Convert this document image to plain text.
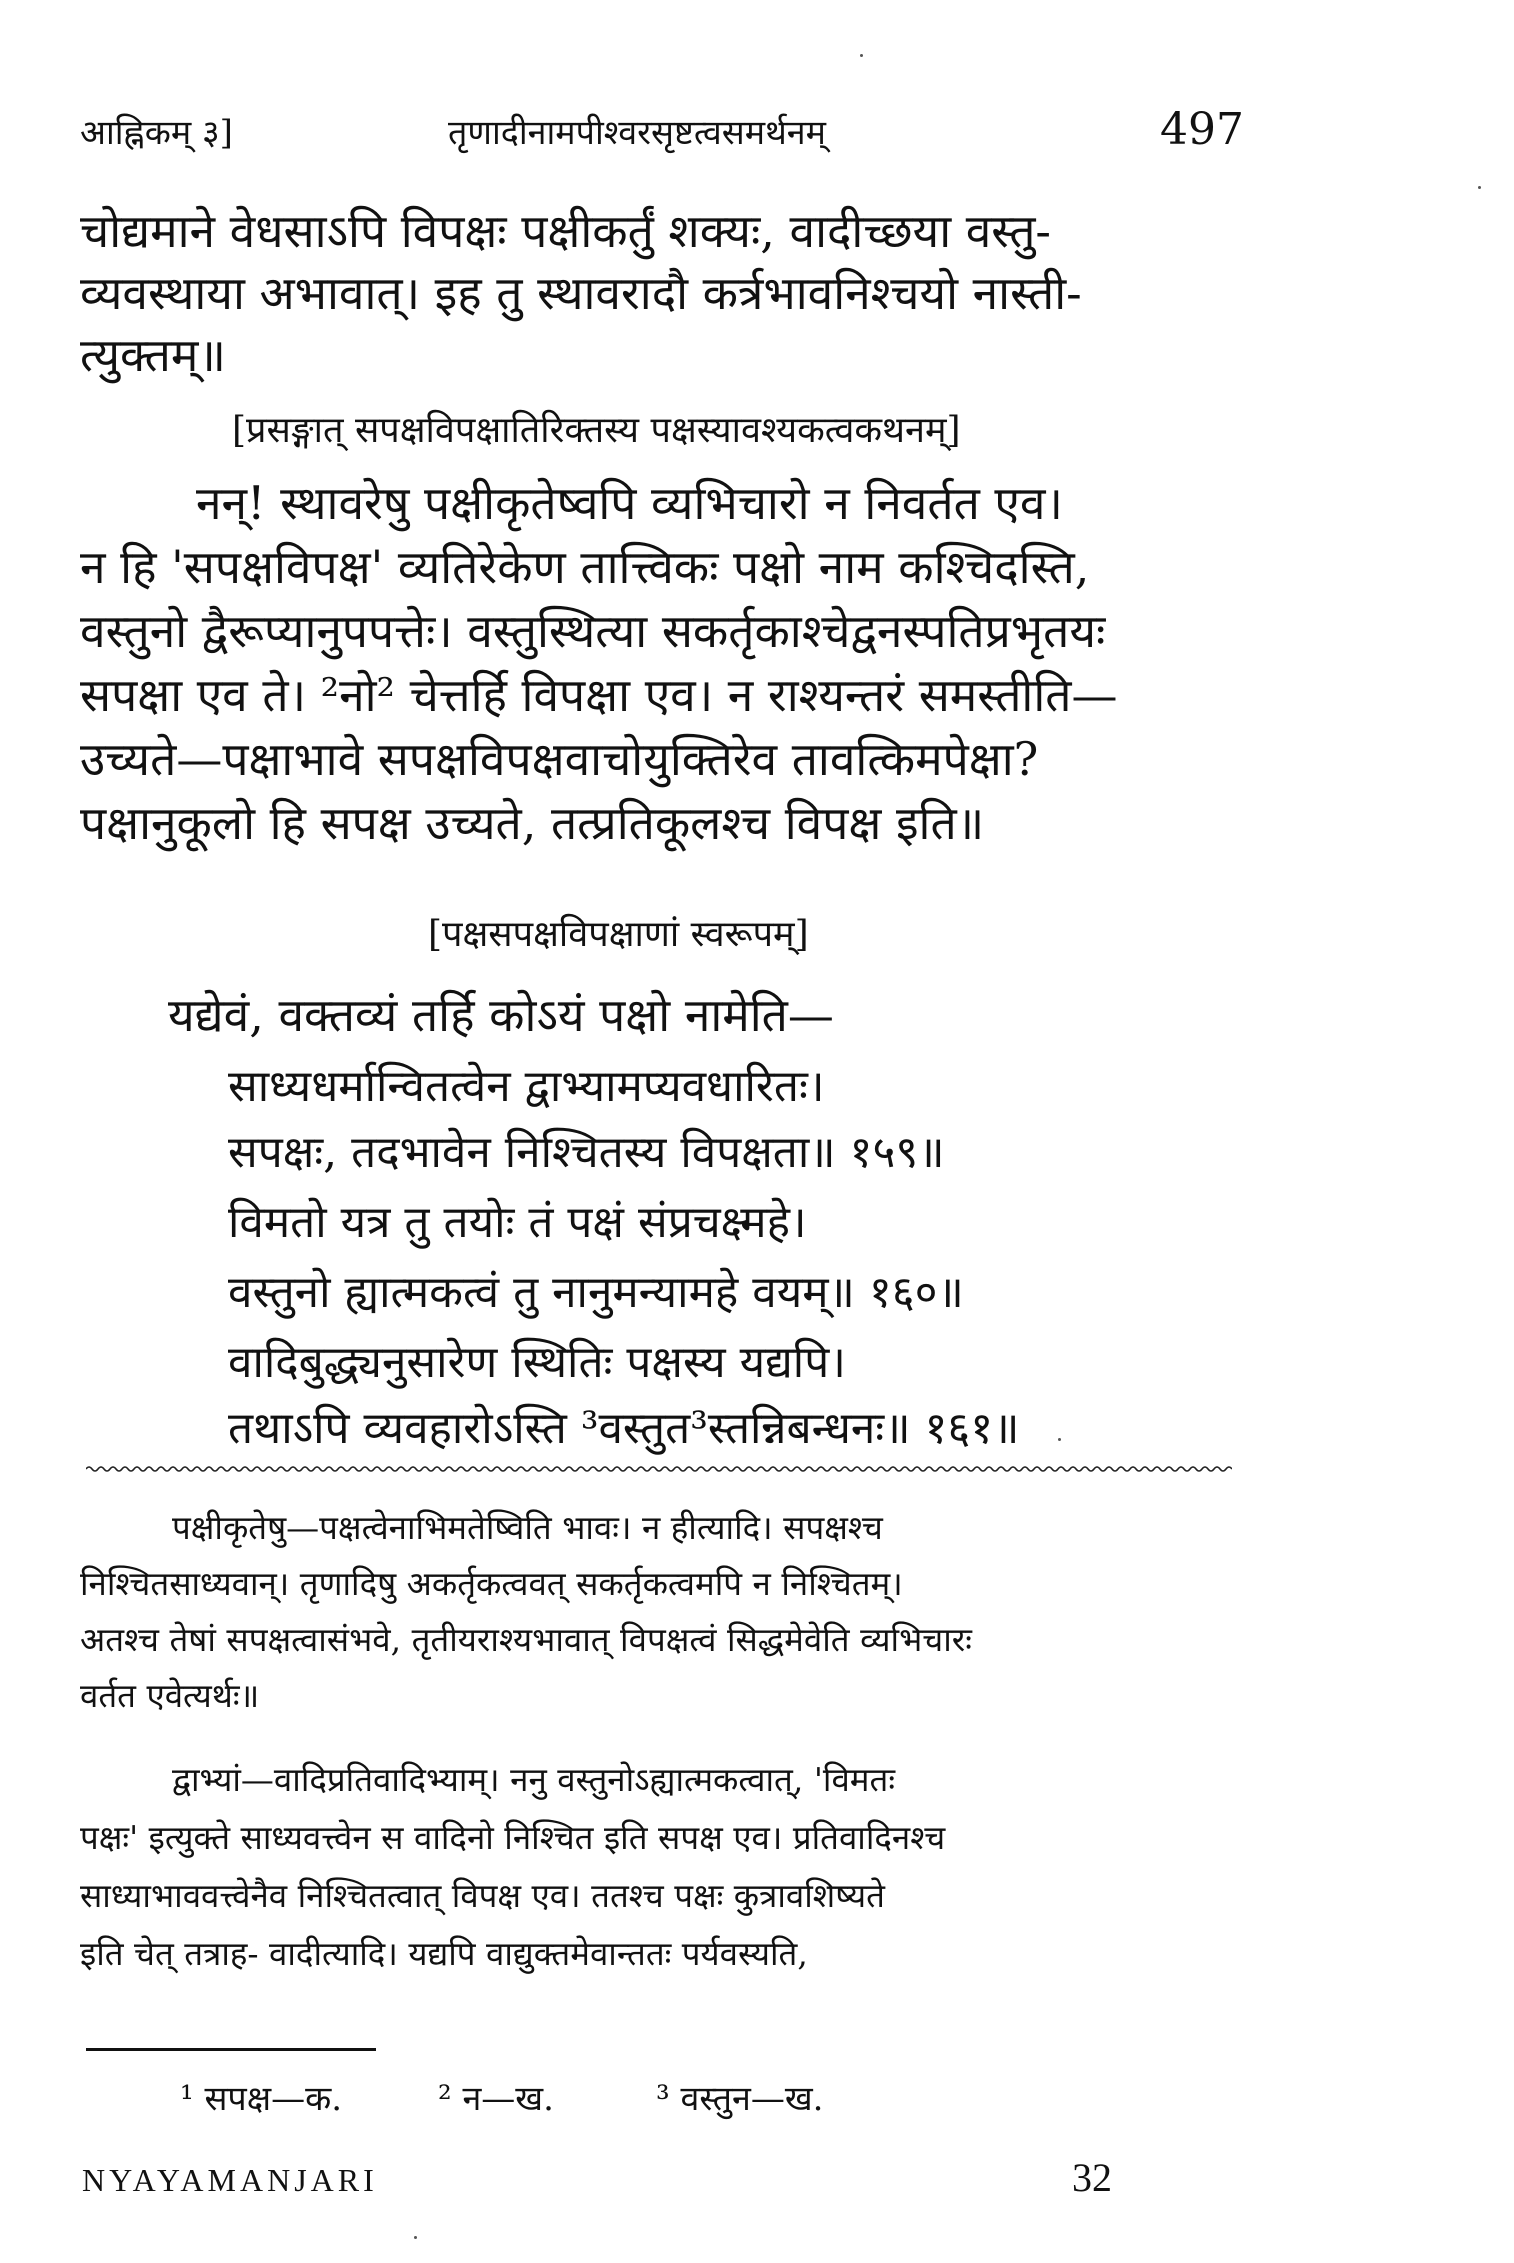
आह्निकम् ३]	तृणादीनामपीश्वरसृष्टत्वसमर्थनम्	497
चोद्यमाने वेधसाऽपि विपक्षः पक्षीकर्तुं शक्यः, वादीच्छया वस्तु-
व्यवस्थाया अभावात्। इह तु स्थावरादौ कर्त्रभावनिश्चयो नास्ती-
त्युक्तम्॥
[प्रसङ्गात् सपक्षविपक्षातिरिक्तस्य पक्षस्यावश्यकत्वकथनम्]
नन्! स्थावरेषु पक्षीकृतेष्वपि व्यभिचारो न निवर्तत एव।
न हि 'सपक्षविपक्ष' व्यतिरेकेण तात्त्विकः पक्षो नाम कश्चिदस्ति,
वस्तुनो द्वैरूप्यानुपपत्तेः। वस्तुस्थित्या सकर्तृकाश्चेद्वनस्पतिप्रभृतयः
सपक्षा एव ते। ²नो² चेत्तर्हि विपक्षा एव। न राश्यन्तरं समस्तीति—
उच्यते—पक्षाभावे सपक्षविपक्षवाचोयुक्तिरेव तावत्किमपेक्षा?
पक्षानुकूलो हि सपक्ष उच्यते, तत्प्रतिकूलश्च विपक्ष इति॥
[पक्षसपक्षविपक्षाणां स्वरूपम्]
यद्येवं, वक्तव्यं तर्हि कोऽयं पक्षो नामेति—
साध्यधर्मान्वितत्वेन द्वाभ्यामप्यवधारितः।
सपक्षः, तदभावेन निश्चितस्य विपक्षता॥ १५९॥
विमतो यत्र तु तयोः तं पक्षं संप्रचक्ष्महे।
वस्तुनो ह्यात्मकत्वं तु नानुमन्यामहे वयम्॥ १६०॥
वादिबुद्ध्यनुसारेण स्थितिः पक्षस्य यद्यपि।
तथाऽपि व्यवहारोऽस्ति ³वस्तुत³स्तन्निबन्धनः॥ १६१॥
पक्षीकृतेषु—पक्षत्वेनाभिमतेष्विति भावः। न हीत्यादि। सपक्षश्च
निश्चितसाध्यवान्। तृणादिषु अकर्तृकत्ववत् सकर्तृकत्वमपि न निश्चितम्।
अतश्च तेषां सपक्षत्वासंभवे, तृतीयराश्यभावात् विपक्षत्वं सिद्धमेवेति व्यभिचारः
वर्तत एवेत्यर्थः॥
द्वाभ्यां—वादिप्रतिवादिभ्याम्। ननु वस्तुनोऽह्यात्मकत्वात्, 'विमतः
पक्षः' इत्युक्ते साध्यवत्त्वेन स वादिनो निश्चित इति सपक्ष एव। प्रतिवादिनश्च
साध्याभाववत्त्वेनैव निश्चितत्वात् विपक्ष एव। ततश्च पक्षः कुत्रावशिष्यते
इति चेत् तत्राह- वादीत्यादि। यद्यपि वाद्युक्तमेवान्ततः पर्यवस्यति,
¹ सपक्ष—क.	² न—ख.	³ वस्तुन—ख.
NYAYAMANJARI	32
